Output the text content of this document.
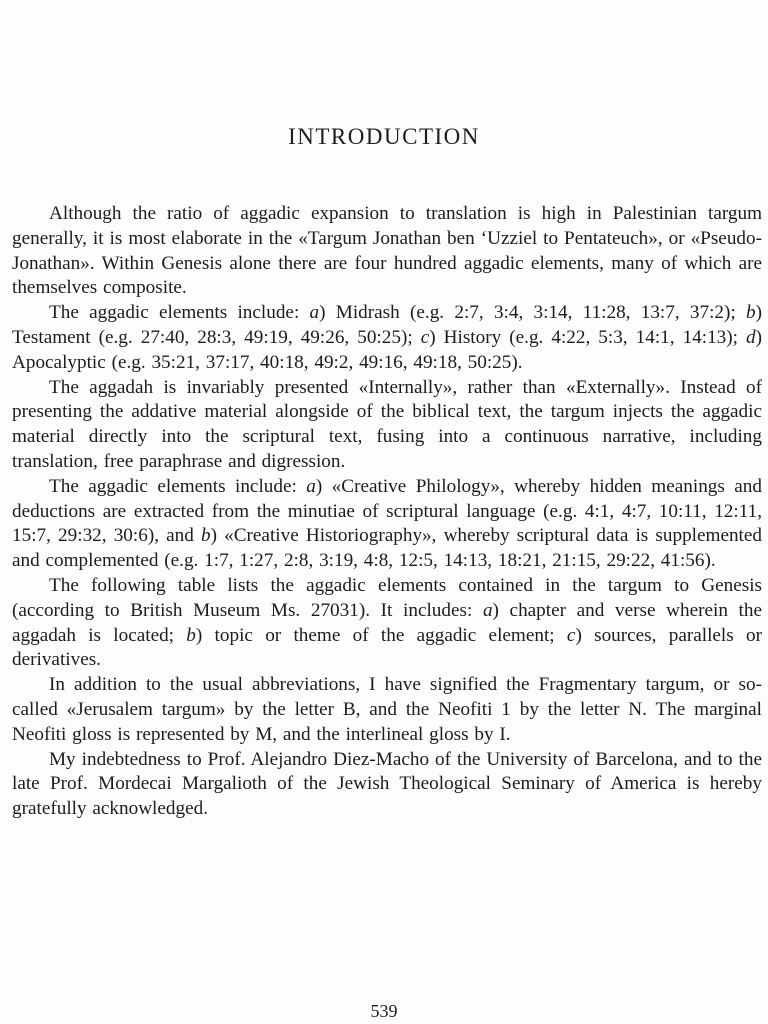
INTRODUCTION

Although the ratio of aggadic expansion to translation is high in Palestinian targum generally, it is most elaborate in the «Targum Jonathan ben ‘Uzziel to Pentateuch», or «Pseudo-Jonathan». Within Genesis alone there are four hundred aggadic elements, many of which are themselves composite.

The aggadic elements include: a) Midrash (e.g. 2:7, 3:4, 3:14, 11:28, 13:7, 37:2); b) Testament (e.g. 27:40, 28:3, 49:19, 49:26, 50:25); c) History (e.g. 4:22, 5:3, 14:1, 14:13); d) Apocalyptic (e.g. 35:21, 37:17, 40:18, 49:2, 49:16, 49:18, 50:25).

The aggadah is invariably presented «Internally», rather than «Externally». Instead of presenting the addative material alongside of the biblical text, the targum injects the aggadic material directly into the scriptural text, fusing into a continuous narrative, including translation, free paraphrase and digression.

The aggadic elements include: a) «Creative Philology», whereby hidden meanings and deductions are extracted from the minutiae of scriptural language (e.g. 4:1, 4:7, 10:11, 12:11, 15:7, 29:32, 30:6), and b) «Creative Historiography», whereby scriptural data is supplemented and complemented (e.g. 1:7, 1:27, 2:8, 3:19, 4:8, 12:5, 14:13, 18:21, 21:15, 29:22, 41:56).

The following table lists the aggadic elements contained in the targum to Genesis (according to British Museum Ms. 27031). It includes: a) chapter and verse wherein the aggadah is located; b) topic or theme of the aggadic element; c) sources, parallels or derivatives.

In addition to the usual abbreviations, I have signified the Fragmentary targum, or so-called «Jerusalem targum» by the letter B, and the Neofiti 1 by the letter N. The marginal Neofiti gloss is represented by M, and the interlineal gloss by I.

My indebtedness to Prof. Alejandro Diez-Macho of the University of Barcelona, and to the late Prof. Mordecai Margalioth of the Jewish Theological Seminary of America is hereby gratefully acknowledged.

539
